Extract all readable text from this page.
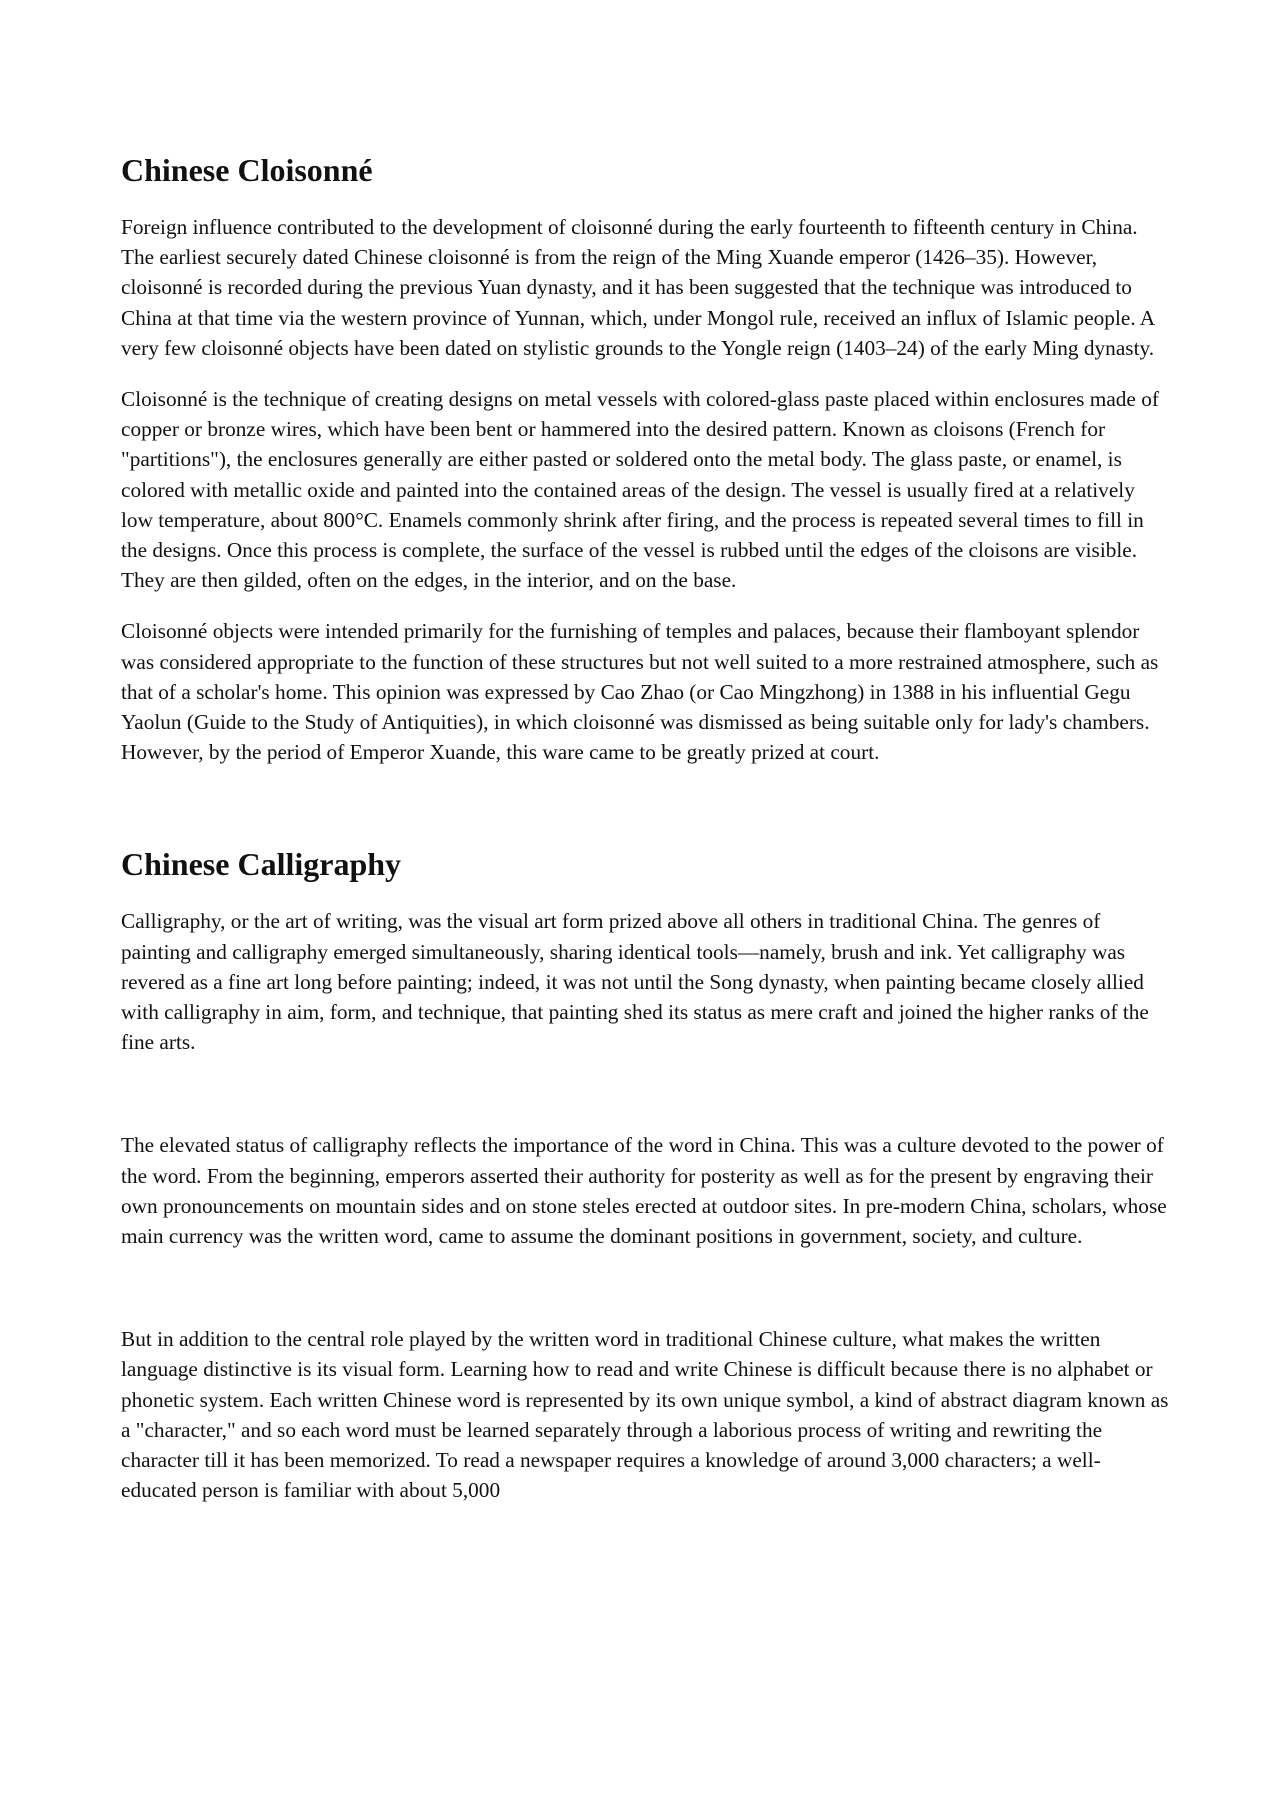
Chinese Cloisonné

Foreign influence contributed to the development of cloisonné during the early fourteenth to fifteenth century in China. The earliest securely dated Chinese cloisonné is from the reign of the Ming Xuande emperor (1426–35). However, cloisonné is recorded during the previous Yuan dynasty, and it has been suggested that the technique was introduced to China at that time via the western province of Yunnan, which, under Mongol rule, received an influx of Islamic people. A very few cloisonné objects have been dated on stylistic grounds to the Yongle reign (1403–24) of the early Ming dynasty.

Cloisonné is the technique of creating designs on metal vessels with colored-glass paste placed within enclosures made of copper or bronze wires, which have been bent or hammered into the desired pattern. Known as cloisons (French for "partitions"), the enclosures generally are either pasted or soldered onto the metal body. The glass paste, or enamel, is colored with metallic oxide and painted into the contained areas of the design. The vessel is usually fired at a relatively low temperature, about 800°C. Enamels commonly shrink after firing, and the process is repeated several times to fill in the designs. Once this process is complete, the surface of the vessel is rubbed until the edges of the cloisons are visible. They are then gilded, often on the edges, in the interior, and on the base.

Cloisonné objects were intended primarily for the furnishing of temples and palaces, because their flamboyant splendor was considered appropriate to the function of these structures but not well suited to a more restrained atmosphere, such as that of a scholar's home. This opinion was expressed by Cao Zhao (or Cao Mingzhong) in 1388 in his influential Gegu Yaolun (Guide to the Study of Antiquities), in which cloisonné was dismissed as being suitable only for lady's chambers. However, by the period of Emperor Xuande, this ware came to be greatly prized at court.

Chinese Calligraphy

Calligraphy, or the art of writing, was the visual art form prized above all others in traditional China. The genres of painting and calligraphy emerged simultaneously, sharing identical tools—namely, brush and ink. Yet calligraphy was revered as a fine art long before painting; indeed, it was not until the Song dynasty, when painting became closely allied with calligraphy in aim, form, and technique, that painting shed its status as mere craft and joined the higher ranks of the fine arts.

The elevated status of calligraphy reflects the importance of the word in China. This was a culture devoted to the power of the word. From the beginning, emperors asserted their authority for posterity as well as for the present by engraving their own pronouncements on mountain sides and on stone steles erected at outdoor sites. In pre-modern China, scholars, whose main currency was the written word, came to assume the dominant positions in government, society, and culture.

But in addition to the central role played by the written word in traditional Chinese culture, what makes the written language distinctive is its visual form. Learning how to read and write Chinese is difficult because there is no alphabet or phonetic system. Each written Chinese word is represented by its own unique symbol, a kind of abstract diagram known as a "character," and so each word must be learned separately through a laborious process of writing and rewriting the character till it has been memorized. To read a newspaper requires a knowledge of around 3,000 characters; a well-educated person is familiar with about 5,000
